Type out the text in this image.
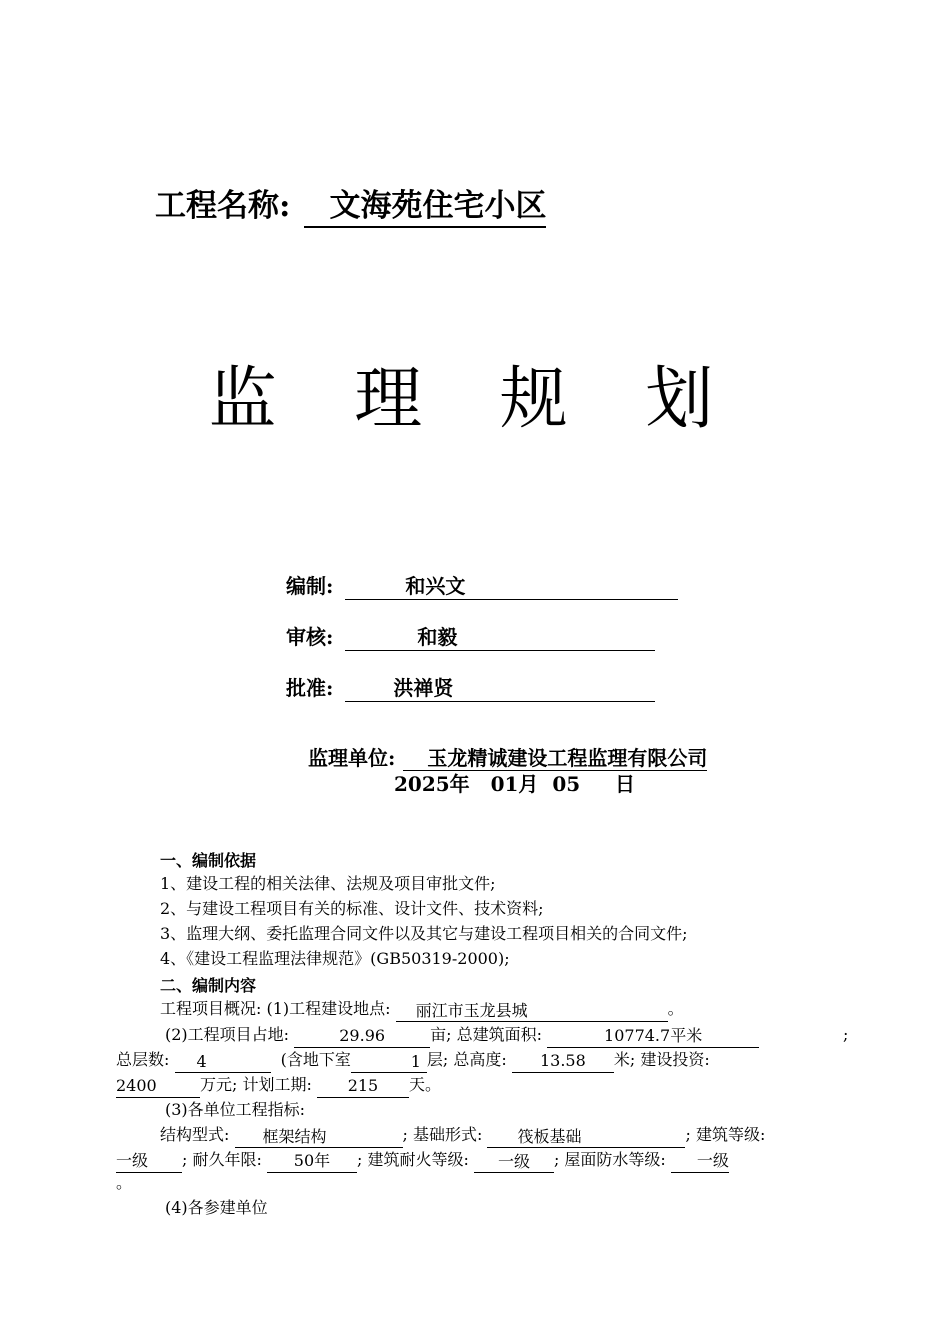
工程名称: 文海苑住宅小区
监 理 规 划
编制:	和兴文
审核:	和毅
批准:	洪禅贤
监理单位: 玉龙精诚建设工程监理有限公司
2025年 01月 05 日
一、编制依据
1、建设工程的相关法律、法规及项目审批文件;
2、与建设工程项目有关的标准、设计文件、技术资料;
3、监理大纲、委托监理合同文件以及其它与建设工程项目相关的合同文件;
4、《建设工程监理法律规范》(GB50319-2000);
二、编制内容
工程项目概况: (1)工程建设地点: 丽江市玉龙县城	。
(2)工程项目占地:	29.96	亩; 总建筑面积:	10774.7平米	;
总层数: 4	(含地下室	1 层; 总高度: 13.58 米; 建设投资:
2400	万元; 计划工期: 215 天。
(3)各单位工程指标:
结构型式: 框架结构	; 基础形式: 筏板基础	; 建筑等级:
一级 ; 耐久年限: 50年 ; 建筑耐火等级: 一级 ; 屋面防水等级: 一级
。
(4)各参建单位
